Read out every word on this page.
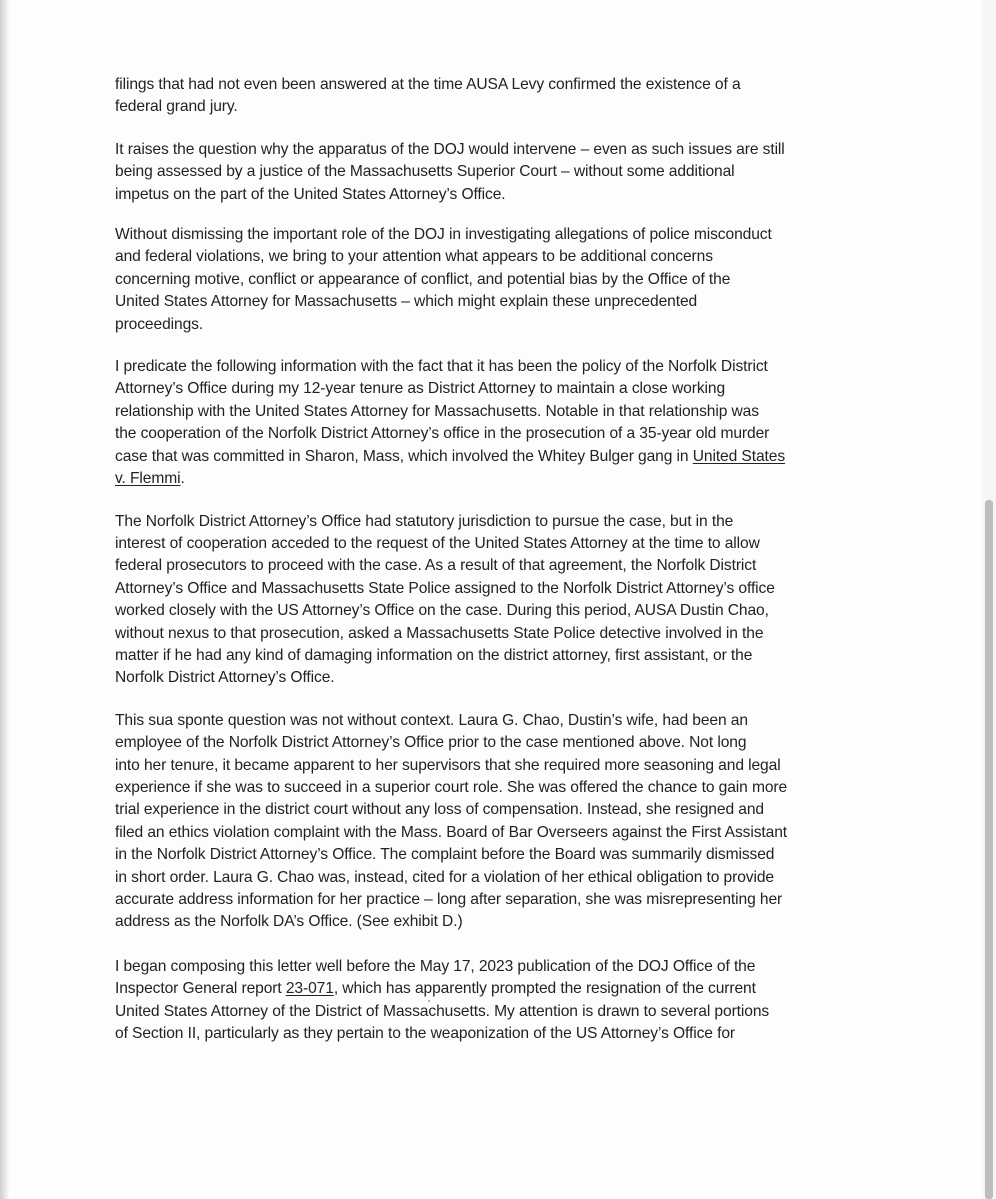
filings that had not even been answered at the time AUSA Levy confirmed the existence of a
federal grand jury.

It raises the question why the apparatus of the DOJ would intervene – even as such issues are still
being assessed by a justice of the Massachusetts Superior Court – without some additional
impetus on the part of the United States Attorney’s Office.

Without dismissing the important role of the DOJ in investigating allegations of police misconduct
and federal violations, we bring to your attention what appears to be additional concerns
concerning motive, conflict or appearance of conflict, and potential bias by the Office of the
United States Attorney for Massachusetts – which might explain these unprecedented
proceedings.

I predicate the following information with the fact that it has been the policy of the Norfolk District
Attorney’s Office during my 12-year tenure as District Attorney to maintain a close working
relationship with the United States Attorney for Massachusetts. Notable in that relationship was
the cooperation of the Norfolk District Attorney’s office in the prosecution of a 35-year old murder
case that was committed in Sharon, Mass, which involved the Whitey Bulger gang in United States
v. Flemmi.

The Norfolk District Attorney’s Office had statutory jurisdiction to pursue the case, but in the
interest of cooperation acceded to the request of the United States Attorney at the time to allow
federal prosecutors to proceed with the case. As a result of that agreement, the Norfolk District
Attorney’s Office and Massachusetts State Police assigned to the Norfolk District Attorney’s office
worked closely with the US Attorney’s Office on the case. During this period, AUSA Dustin Chao,
without nexus to that prosecution, asked a Massachusetts State Police detective involved in the
matter if he had any kind of damaging information on the district attorney, first assistant, or the
Norfolk District Attorney’s Office.

This sua sponte question was not without context. Laura G. Chao, Dustin’s wife, had been an
employee of the Norfolk District Attorney’s Office prior to the case mentioned above. Not long
into her tenure, it became apparent to her supervisors that she required more seasoning and legal
experience if she was to succeed in a superior court role. She was offered the chance to gain more
trial experience in the district court without any loss of compensation. Instead, she resigned and
filed an ethics violation complaint with the Mass. Board of Bar Overseers against the First Assistant
in the Norfolk District Attorney’s Office. The complaint before the Board was summarily dismissed
in short order. Laura G. Chao was, instead, cited for a violation of her ethical obligation to provide
accurate address information for her practice – long after separation, she was misrepresenting her
address as the Norfolk DA’s Office. (See exhibit D.)

I began composing this letter well before the May 17, 2023 publication of the DOJ Office of the
Inspector General report 23-071, which has apparently prompted the resignation of the current
United States Attorney of the District of Massachusetts. My attention is drawn to several portions
of Section II, particularly as they pertain to the weaponization of the US Attorney’s Office for
